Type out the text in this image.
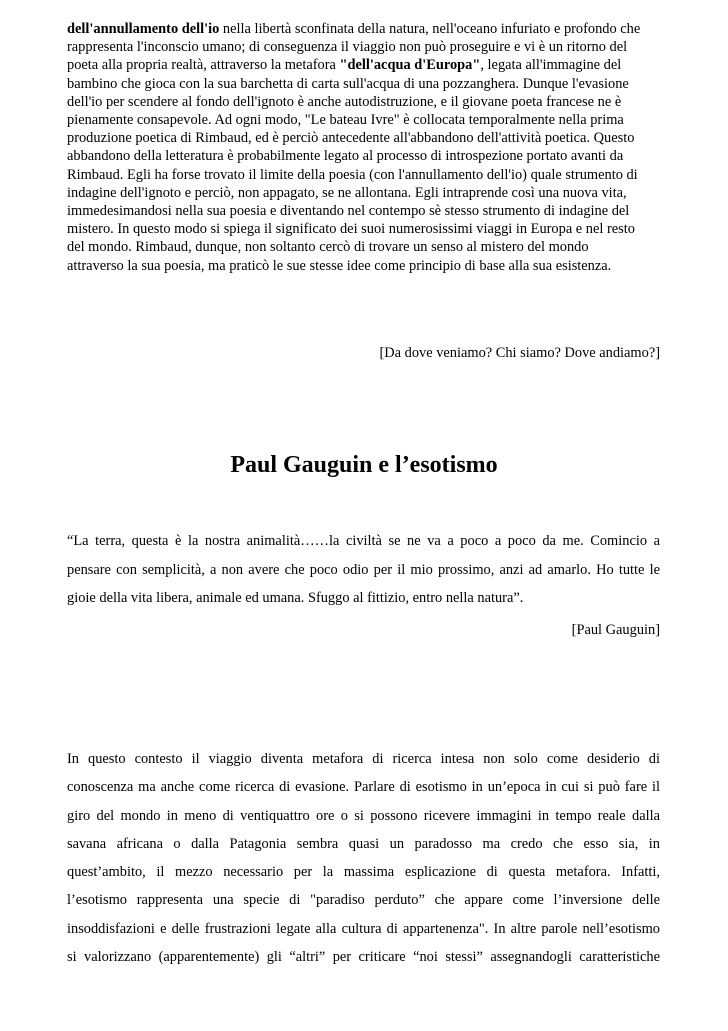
dell'annullamento dell'io nella libertà sconfinata della natura, nell'oceano infuriato e profondo che
rappresenta l'inconscio umano; di conseguenza il viaggio non può proseguire e vi è un ritorno del
poeta alla propria realtà, attraverso la metafora "dell'acqua d'Europa", legata all'immagine del
bambino che gioca con la sua barchetta di carta sull'acqua di una pozzanghera. Dunque l'evasione
dell'io per scendere al fondo dell'ignoto è anche autodistruzione, e il giovane poeta francese ne è
pienamente consapevole. Ad ogni modo, "Le bateau Ivre" è collocata temporalmente nella prima
produzione poetica di Rimbaud, ed è perciò antecedente all'abbandono dell'attività poetica. Questo
abbandono della letteratura è probabilmente legato al processo di introspezione portato avanti da
Rimbaud. Egli ha forse trovato il limite della poesia (con l'annullamento dell'io) quale strumento di
indagine dell'ignoto e perciò, non appagato, se ne allontana. Egli intraprende così una nuova vita,
immedesimandosi nella sua poesia e diventando nel contempo sè stesso strumento di indagine del
mistero. In questo modo si spiega il significato dei suoi numerosissimi viaggi in Europa e nel resto
del mondo. Rimbaud, dunque, non soltanto cercò di trovare un senso al mistero del mondo
attraverso la sua poesia, ma praticò le sue stesse idee come principio di base alla sua esistenza.
[Da dove veniamo? Chi siamo? Dove andiamo?]
Paul Gauguin e l’esotismo
“La terra, questa è la nostra animalità……la civiltà se ne va a poco a poco da me. Comincio a
pensare con semplicità, a non avere che poco odio per il mio prossimo, anzi ad amarlo. Ho tutte le
gioie della vita libera, animale ed umana. Sfuggo al fittizio, entro nella natura”.
[Paul Gauguin]
In questo contesto il viaggio diventa metafora di ricerca intesa non solo come desiderio di
conoscenza ma anche come ricerca di evasione. Parlare di esotismo in un’epoca in cui si può fare il
giro del mondo in meno di ventiquattro ore o si possono ricevere immagini in tempo reale dalla
savana africana o dalla Patagonia sembra quasi un paradosso ma credo che esso sia, in
quest’ambito, il mezzo necessario per la massima esplicazione di questa metafora. Infatti,
l’esotismo rappresenta una specie di "paradiso perduto” che appare come l’inversione delle
insoddisfazioni e delle frustrazioni legate alla cultura di appartenenza". In altre parole nell’esotismo
si valorizzano (apparentemente) gli “altri” per criticare “noi stessi” assegnandogli caratteristiche
